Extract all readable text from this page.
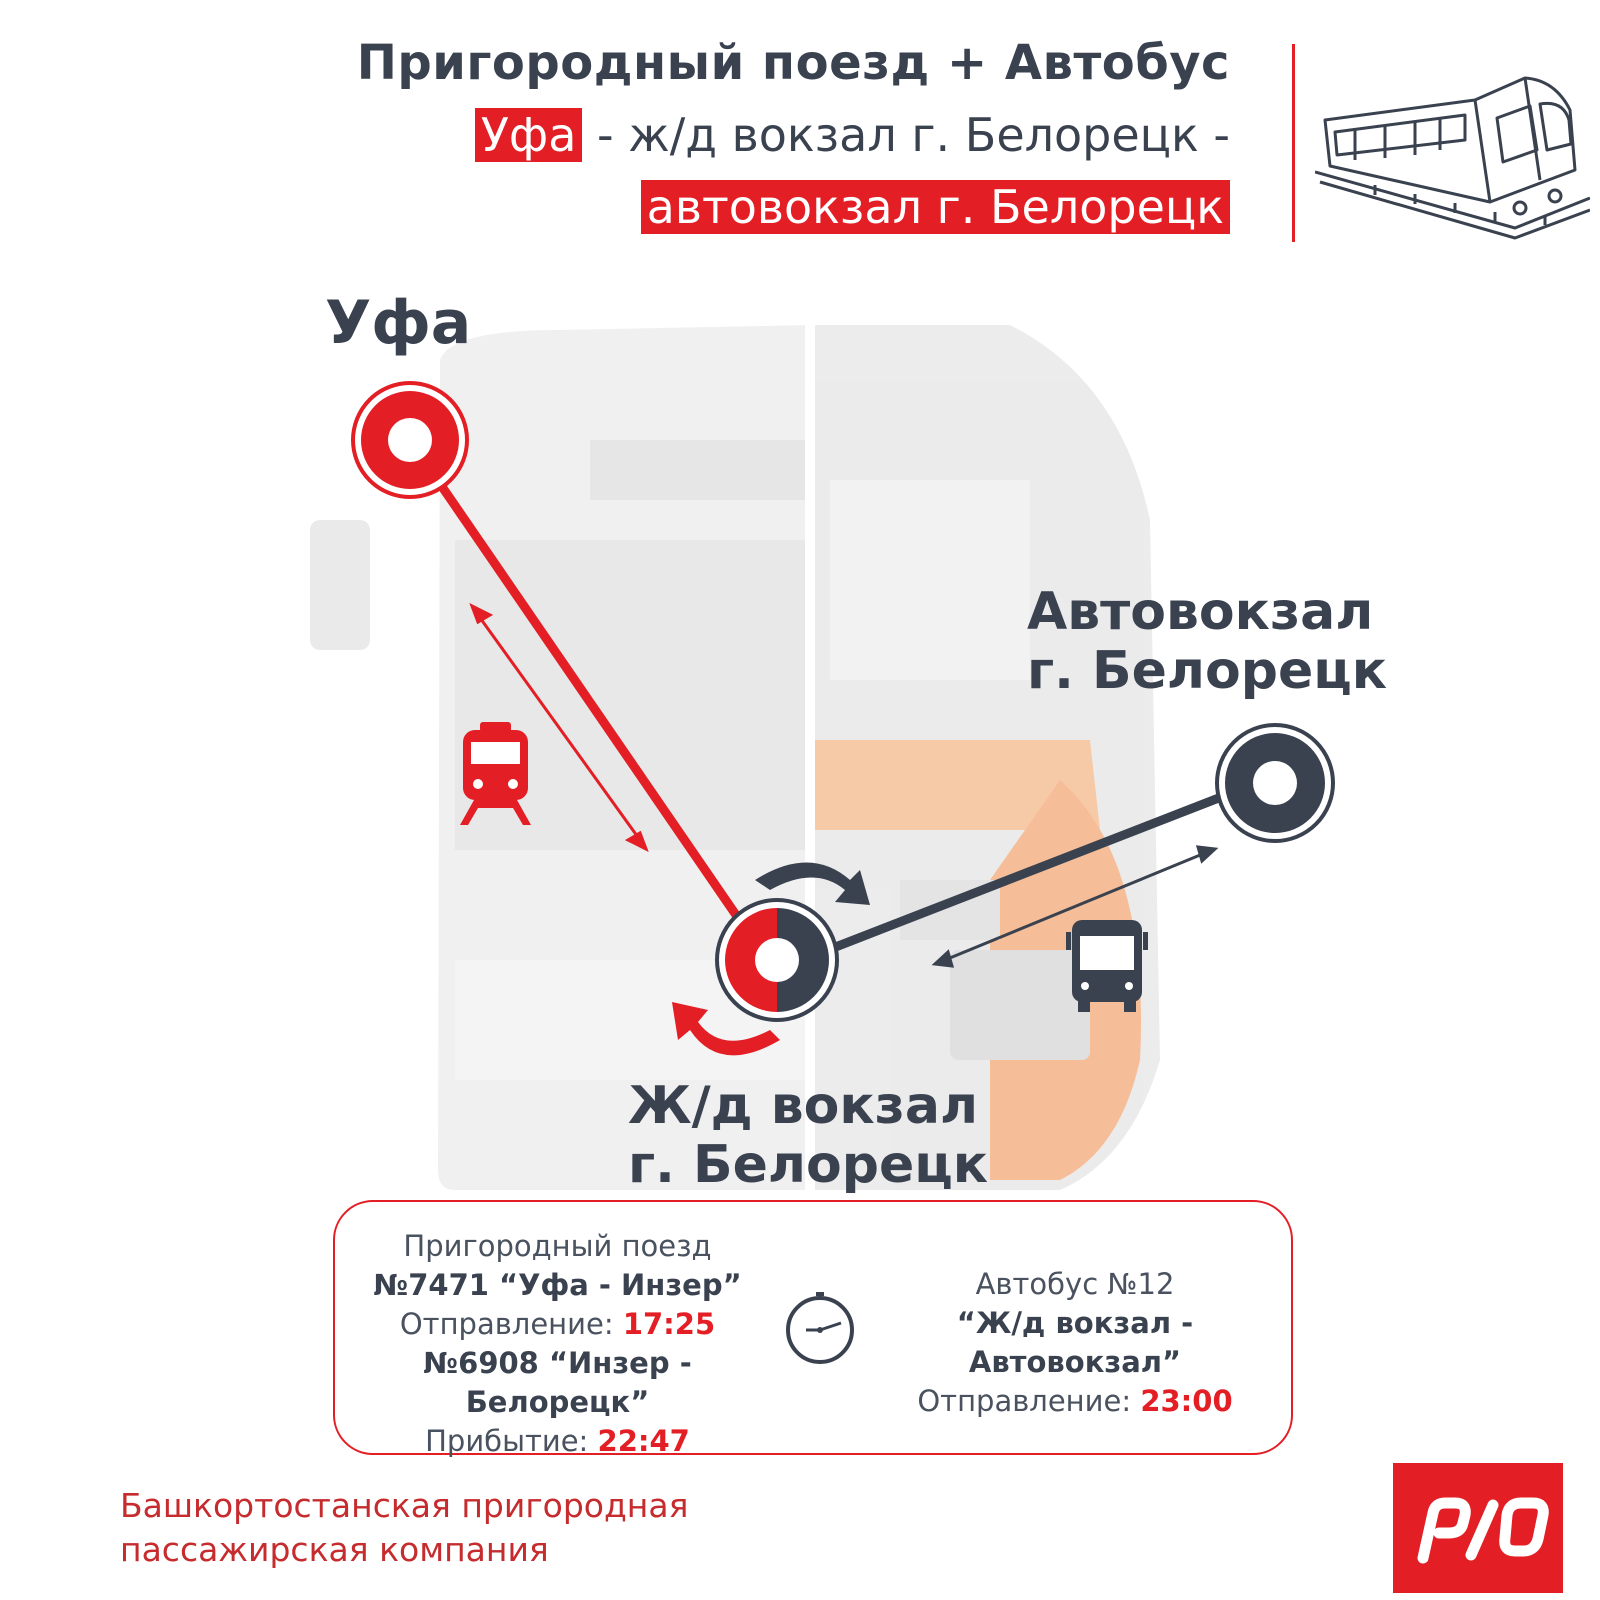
Пригородный поезд + Автобус
Уфа - ж/д вокзал г. Белорецк -
автовокзал г. Белорецк
Уфа
Ж/д вокзал
г. Белорецк
Автовокзал
г. Белорецк
Пригородный поезд
№7471 “Уфа - Инзер”
Отправление: 17:25
№6908 “Инзер - Белорецк”
Прибытие: 22:47
Автобус №12
“Ж/д вокзал - Автовокзал”
Отправление: 23:00
Башкортостанская пригородная
пассажирская компания
